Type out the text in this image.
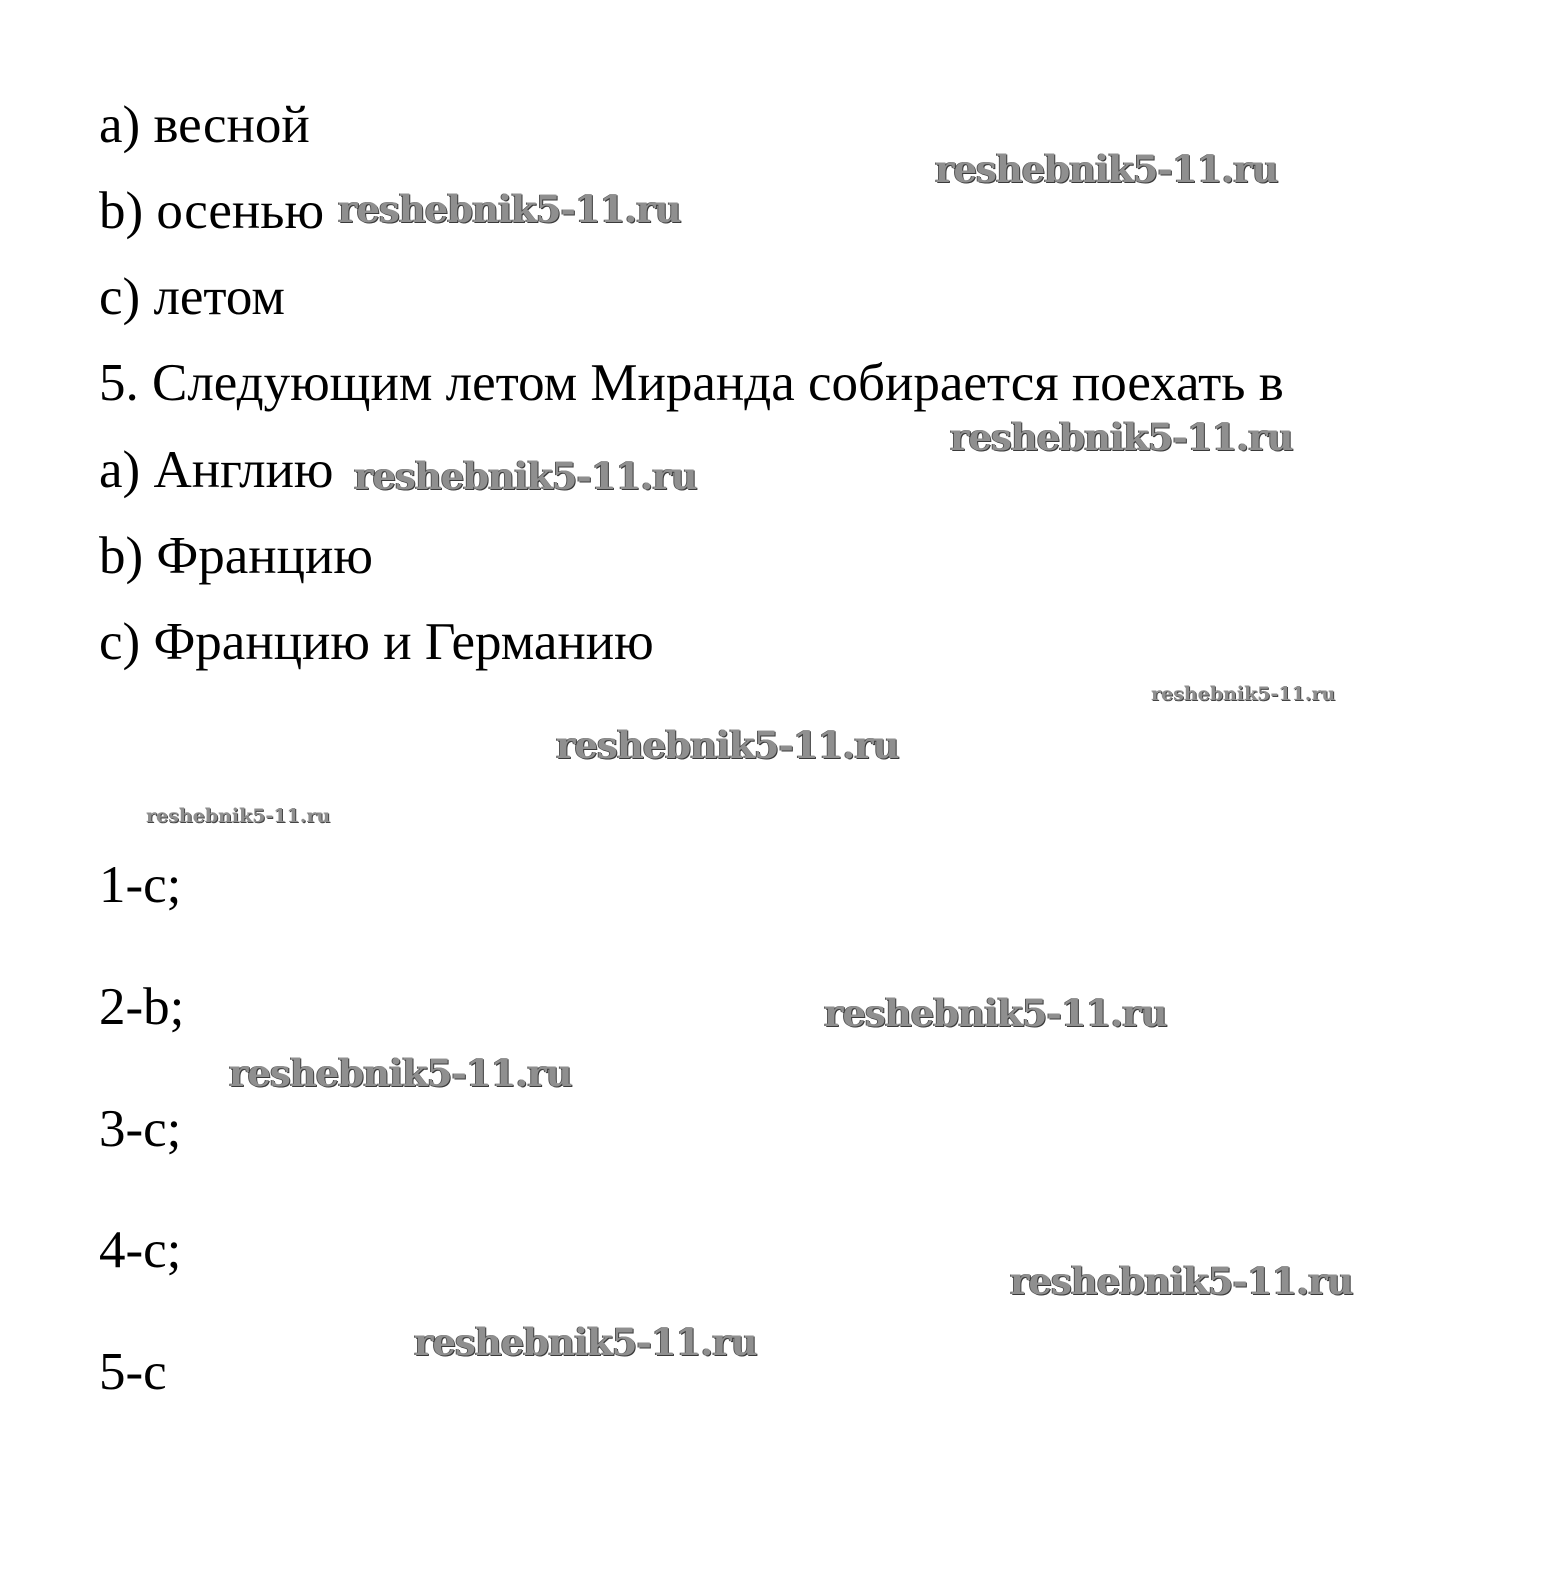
a) весной
b) осенью
c) летом
5. Следующим летом Миранда собирается поехать в
a) Англию
b) Францию
c) Францию и Германию
1-с;
2-b;
3-с;
4-с;
5-с
reshebnik5-11.ru
reshebnik5-11.ru
reshebnik5-11.ru
reshebnik5-11.ru
reshebnik5-11.ru
reshebnik5-11.ru
reshebnik5-11.ru
reshebnik5-11.ru
reshebnik5-11.ru
reshebnik5-11.ru
reshebnik5-11.ru
